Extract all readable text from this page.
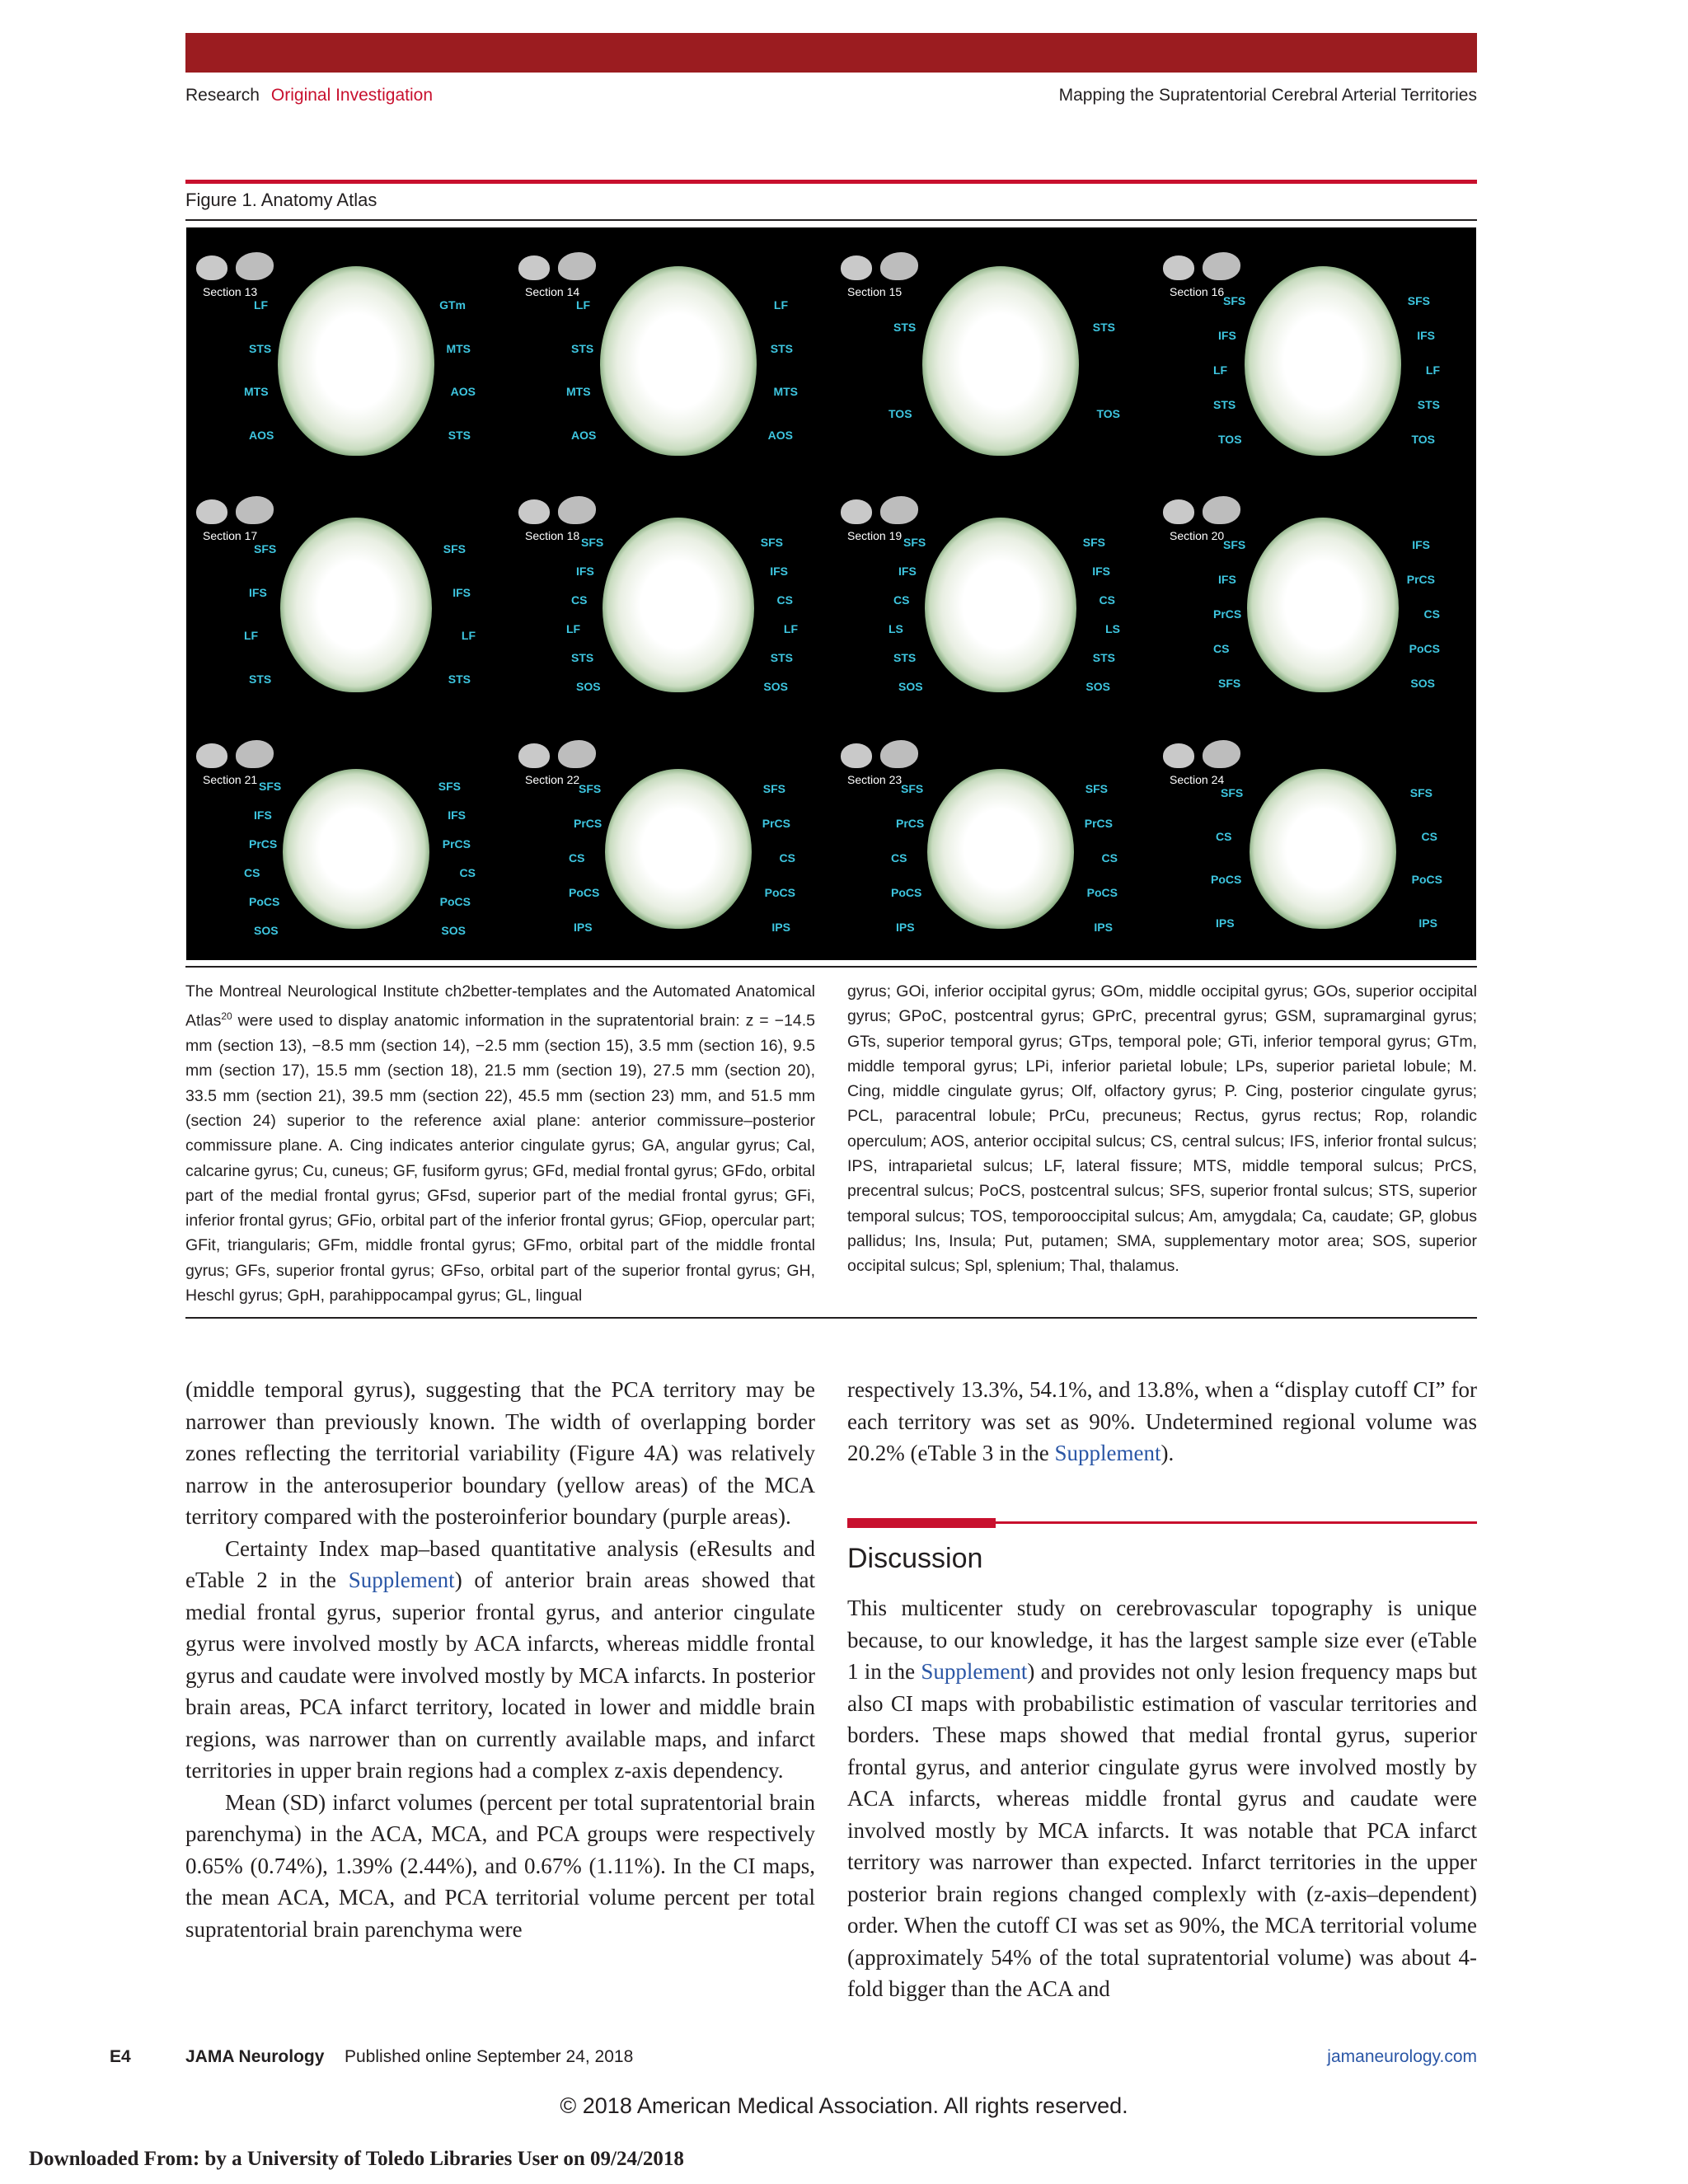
Research Original Investigation	Mapping the Supratentorial Cerebral Arterial Territories
Figure 1. Anatomy Atlas
Section 13
LF
STS
MTS
AOS
GTm
MTS
AOS
STS
Section 14
LF
STS
MTS
AOS
LF
STS
MTS
AOS
Section 15
STS
TOS
STS
TOS
Section 16
SFS
IFS
LF
STS
TOS
SFS
IFS
LF
STS
TOS
Section 17
SFS
IFS
LF
STS
SFS
IFS
LF
STS
Section 18 SFS
IFS
CS
LF
STS
SOS
SFS
IFS
CS
LF
STS
SOS
Section 19 SFS
IFS
CS
LS
STS
SOS
SFS
IFS
CS
LS
STS
SOS
Section 20
SFS
IFS
PrCS
CS
SFS
IFS
PrCS
CS
PoCS
SOS
Section 21 SFS
IFS
PrCS
CS
PoCS
SOS
SFS
IFS
PrCS
CS
PoCS
SOS
Section 22
SFS
PrCS
CS
PoCS
IPS
SFS
PrCS
CS
PoCS
IPS
Section 23
SFS
PrCS
CS
PoCS
IPS
SFS
PrCS
CS
PoCS
IPS
Section 24
SFS
CS
PoCS
IPS
SFS
CS
PoCS
IPS
The Montreal Neurological Institute ch2better-templates and the Automated Anatomical Atlas$^{20}$ were used to display anatomic information in the supratentorial brain: z = −14.5 mm (section 13), −8.5 mm (section 14), −2.5 mm (section 15), 3.5 mm (section 16), 9.5 mm (section 17), 15.5 mm (section 18), 21.5 mm (section 19), 27.5 mm (section 20), 33.5 mm (section 21), 39.5 mm (section 22), 45.5 mm (section 23) mm, and 51.5 mm (section 24) superior to the reference axial plane: anterior commissure–posterior commissure plane. A. Cing indicates anterior cingulate gyrus; GA, angular gyrus; Cal, calcarine gyrus; Cu, cuneus; GF, fusiform gyrus; GFd, medial frontal gyrus; GFdo, orbital part of the medial frontal gyrus; GFsd, superior part of the medial frontal gyrus; GFi, inferior frontal gyrus; GFio, orbital part of the inferior frontal gyrus; GFiop, opercular part; GFit, triangularis; GFm, middle frontal gyrus; GFmo, orbital part of the middle frontal gyrus; GFs, superior frontal gyrus; GFso, orbital part of the superior frontal gyrus; GH, Heschl gyrus; GpH, parahippocampal gyrus; GL, lingual
gyrus; GOi, inferior occipital gyrus; GOm, middle occipital gyrus; GOs, superior occipital gyrus; GPoC, postcentral gyrus; GPrC, precentral gyrus; GSM, supramarginal gyrus; GTs, superior temporal gyrus; GTps, temporal pole; GTi, inferior temporal gyrus; GTm, middle temporal gyrus; LPi, inferior parietal lobule; LPs, superior parietal lobule; M. Cing, middle cingulate gyrus; Olf, olfactory gyrus; P. Cing, posterior cingulate gyrus; PCL, paracentral lobule; PrCu, precuneus; Rectus, gyrus rectus; Rop, rolandic operculum; AOS, anterior occipital sulcus; CS, central sulcus; IFS, inferior frontal sulcus; IPS, intraparietal sulcus; LF, lateral fissure; MTS, middle temporal sulcus; PrCS, precentral sulcus; PoCS, postcentral sulcus; SFS, superior frontal sulcus; STS, superior temporal sulcus; TOS, temporooccipital sulcus; Am, amygdala; Ca, caudate; GP, globus pallidus; Ins, Insula; Put, putamen; SMA, supplementary motor area; SOS, superior occipital sulcus; Spl, splenium; Thal, thalamus.

(middle temporal gyrus), suggesting that the PCA territory may be narrower than previously known. The width of overlapping border zones reflecting the territorial variability (Figure 4A) was relatively narrow in the anterosuperior boundary (yellow areas) of the MCA territory compared with the posteroinferior boundary (purple areas).

Certainty Index map–based quantitative analysis (eResults and eTable 2 in the Supplement) of anterior brain areas showed that medial frontal gyrus, superior frontal gyrus, and anterior cingulate gyrus were involved mostly by ACA infarcts, whereas middle frontal gyrus and caudate were involved mostly by MCA infarcts. In posterior brain areas, PCA infarct territory, located in lower and middle brain regions, was narrower than on currently available maps, and infarct territories in upper brain regions had a complex z-axis dependency.

Mean (SD) infarct volumes (percent per total supratentorial brain parenchyma) in the ACA, MCA, and PCA groups were respectively 0.65% (0.74%), 1.39% (2.44%), and 0.67% (1.11%). In the CI maps, the mean ACA, MCA, and PCA territorial volume percent per total supratentorial brain parenchyma were

respectively 13.3%, 54.1%, and 13.8%, when a “display cutoff CI” for each territory was set as 90%. Undetermined regional volume was 20.2% (eTable 3 in the Supplement).

Discussion

This multicenter study on cerebrovascular topography is unique because, to our knowledge, it has the largest sample size ever (eTable 1 in the Supplement) and provides not only lesion frequency maps but also CI maps with probabilistic estimation of vascular territories and borders. These maps showed that medial frontal gyrus, superior frontal gyrus, and anterior cingulate gyrus were involved mostly by ACA infarcts, whereas middle frontal gyrus and caudate were involved mostly by MCA infarcts. It was notable that PCA infarct territory was narrower than expected. Infarct territories in the upper posterior brain regions changed complexly with (z-axis–dependent) order. When the cutoff CI was set as 90%, the MCA territorial volume (approximately 54% of the total supratentorial volume) was about 4-fold bigger than the ACA and

E4	JAMA Neurology Published online September 24, 2018	jamaneurology.com
© 2018 American Medical Association. All rights reserved.
Downloaded From: by a University of Toledo Libraries User on 09/24/2018
